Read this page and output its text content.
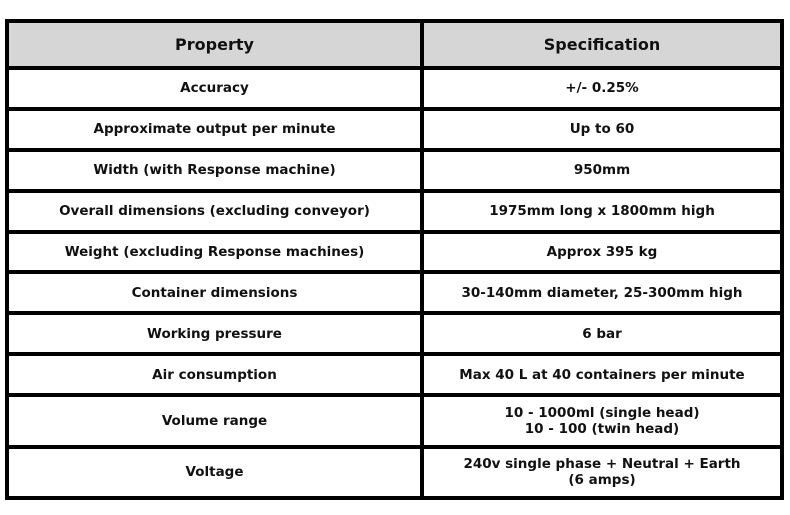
Property	Specification
Accuracy	+/- 0.25%

Approximate output per minute	Up to 60

Width (with Response machine)	950mm

Overall dimensions (excluding conveyor)	1975mm long x 1800mm high

Weight (excluding Response machines)	Approx 395 kg

Container dimensions	30-140mm diameter, 25-300mm high

Working pressure	6 bar

Air consumption	Max 40 L at 40 containers per minute

Volume range	10 - 1000ml (single head)
10 - 100 (twin head)

Voltage	240v single phase + Neutral + Earth
(6 amps)
